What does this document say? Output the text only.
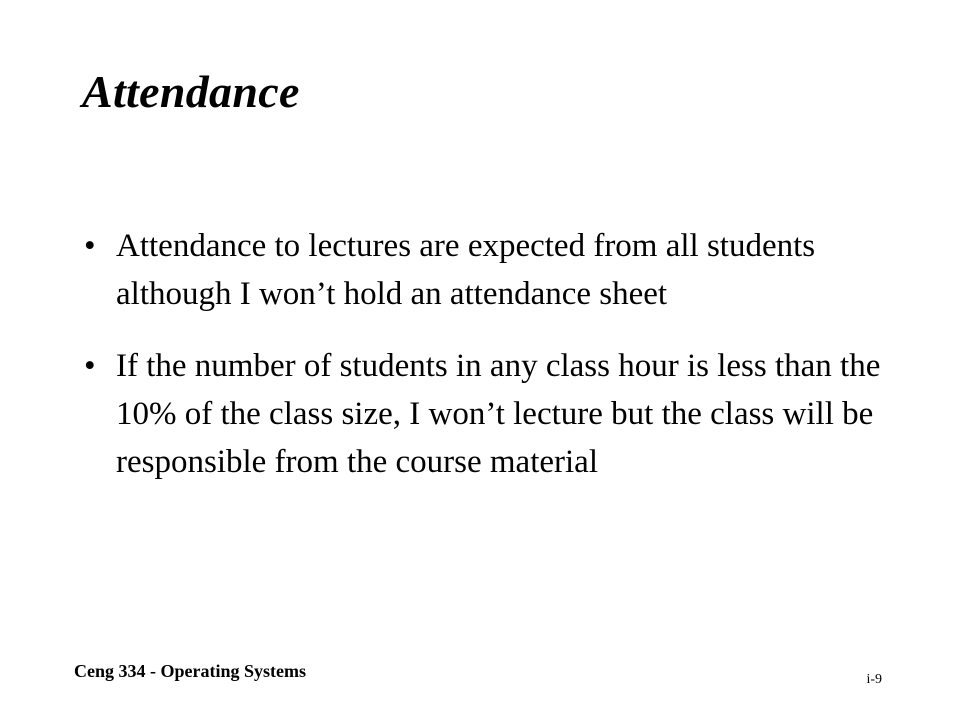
Attendance
• Attendance to lectures are expected from all students although I won’t hold an attendance sheet
• If the number of students in any class hour is less than the 10% of the class size, I won’t lecture but the class will be responsible from the course material
Ceng 334 - Operating Systems	i-9
